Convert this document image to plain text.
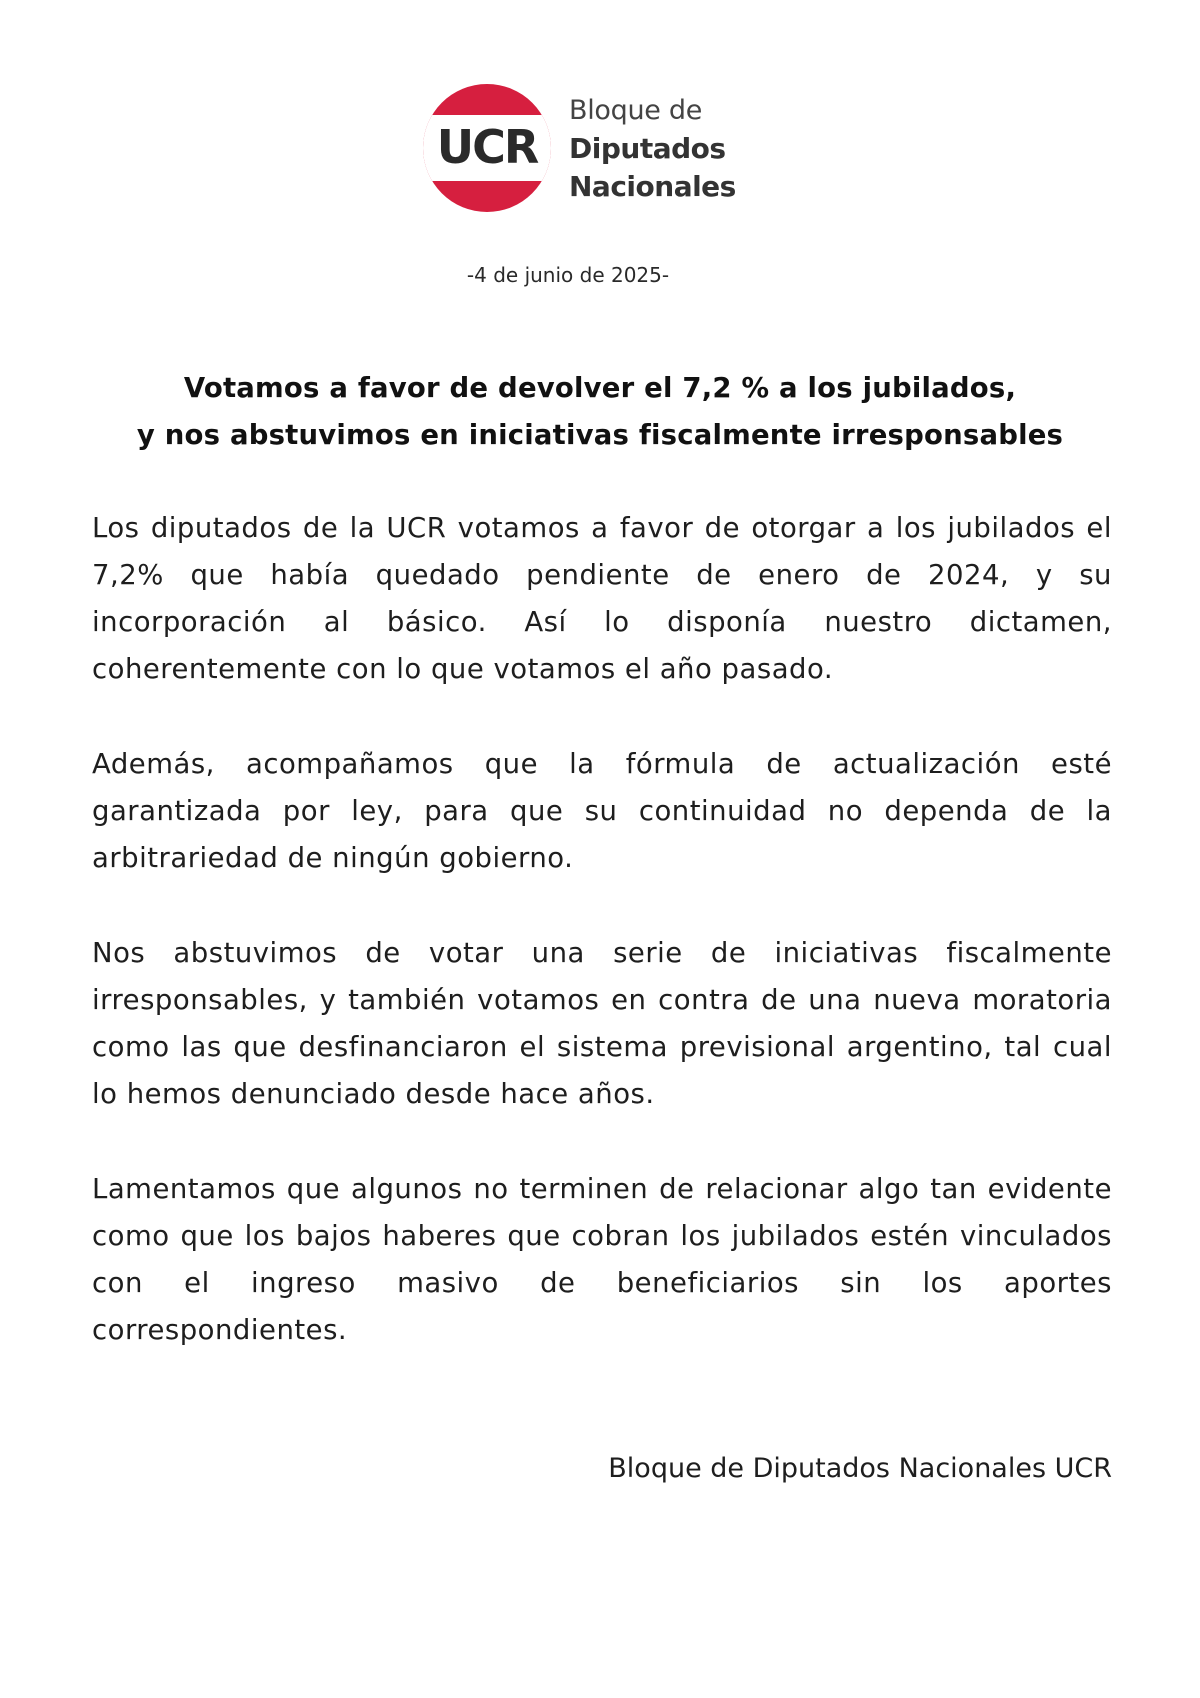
UCR
Bloque de
Diputados
Nacionales
-4 de junio de 2025-
Votamos a favor de devolver el 7,2 % a los jubilados,
y nos abstuvimos en iniciativas fiscalmente irresponsables

Los diputados de la UCR votamos a favor de otorgar a los jubilados el 7,2% que había quedado pendiente de enero de 2024, y su incorporación al básico. Así lo disponía nuestro dictamen, coherentemente con lo que votamos el año pasado.

Además, acompañamos que la fórmula de actualización esté garantizada por ley, para que su continuidad no dependa de la arbitrariedad de ningún gobierno.

Nos abstuvimos de votar una serie de iniciativas fiscalmente irresponsables, y también votamos en contra de una nueva moratoria como las que desfinanciaron el sistema previsional argentino, tal cual lo hemos denunciado desde hace años.

Lamentamos que algunos no terminen de relacionar algo tan evidente como que los bajos haberes que cobran los jubilados estén vinculados con el ingreso masivo de beneficiarios sin los aportes correspondientes.

Bloque de Diputados Nacionales UCR
